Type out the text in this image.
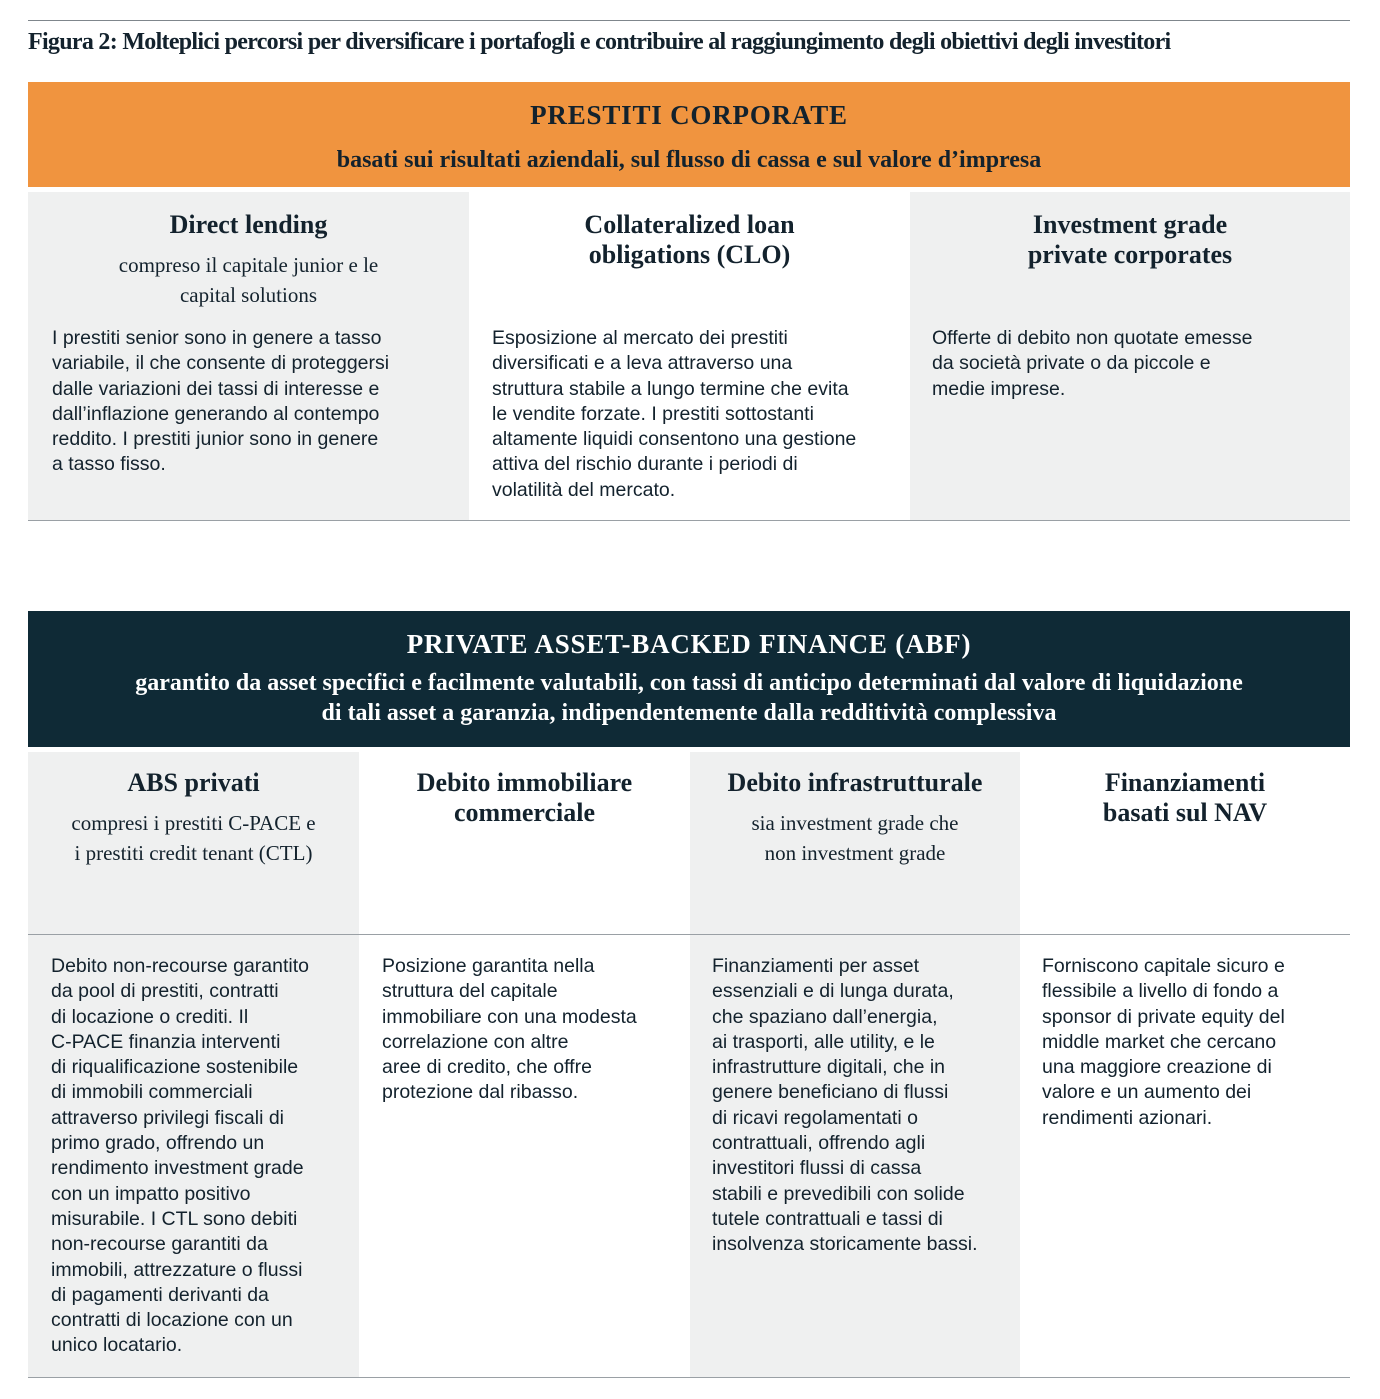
Figura 2: Molteplici percorsi per diversificare i portafogli e contribuire al raggiungimento degli obiettivi degli investitori
PRESTITI CORPORATE
basati sui risultati aziendali, sul flusso di cassa e sul valore d’impresa
Direct lending
compreso il capitale junior e le
capital solutions
I prestiti senior sono in genere a tasso
variabile, il che consente di proteggersi
dalle variazioni dei tassi di interesse e
dall’inflazione generando al contempo
reddito. I prestiti junior sono in genere
a tasso fisso.
Collateralized loan
obligations (CLO)
Esposizione al mercato dei prestiti
diversificati e a leva attraverso una
struttura stabile a lungo termine che evita
le vendite forzate. I prestiti sottostanti
altamente liquidi consentono una gestione
attiva del rischio durante i periodi di
volatilità del mercato.
Investment grade
private corporates
Offerte di debito non quotate emesse
da società private o da piccole e
medie imprese.
PRIVATE ASSET-BACKED FINANCE (ABF)
garantito da asset specifici e facilmente valutabili, con tassi di anticipo determinati dal valore di liquidazione di tali asset a garanzia, indipendentemente dalla redditività complessiva
ABS privati
compresi i prestiti C-PACE e
i prestiti credit tenant (CTL)
Debito non-recourse garantito
da pool di prestiti, contratti
di locazione o crediti. Il
C-PACE finanzia interventi
di riqualificazione sostenibile
di immobili commerciali
attraverso privilegi fiscali di
primo grado, offrendo un
rendimento investment grade
con un impatto positivo
misurabile. I CTL sono debiti
non-recourse garantiti da
immobili, attrezzature o flussi
di pagamenti derivanti da
contratti di locazione con un
unico locatario.
Debito immobiliare
commerciale
Posizione garantita nella
struttura del capitale
immobiliare con una modesta
correlazione con altre
aree di credito, che offre
protezione dal ribasso.
Debito infrastrutturale
sia investment grade che
non investment grade
Finanziamenti per asset
essenziali e di lunga durata,
che spaziano dall’energia,
ai trasporti, alle utility, e le
infrastrutture digitali, che in
genere beneficiano di flussi
di ricavi regolamentati o
contrattuali, offrendo agli
investitori flussi di cassa
stabili e prevedibili con solide
tutele contrattuali e tassi di
insolvenza storicamente bassi.
Finanziamenti
basati sul NAV
Forniscono capitale sicuro e
flessibile a livello di fondo a
sponsor di private equity del
middle market che cercano
una maggiore creazione di
valore e un aumento dei
rendimenti azionari.
